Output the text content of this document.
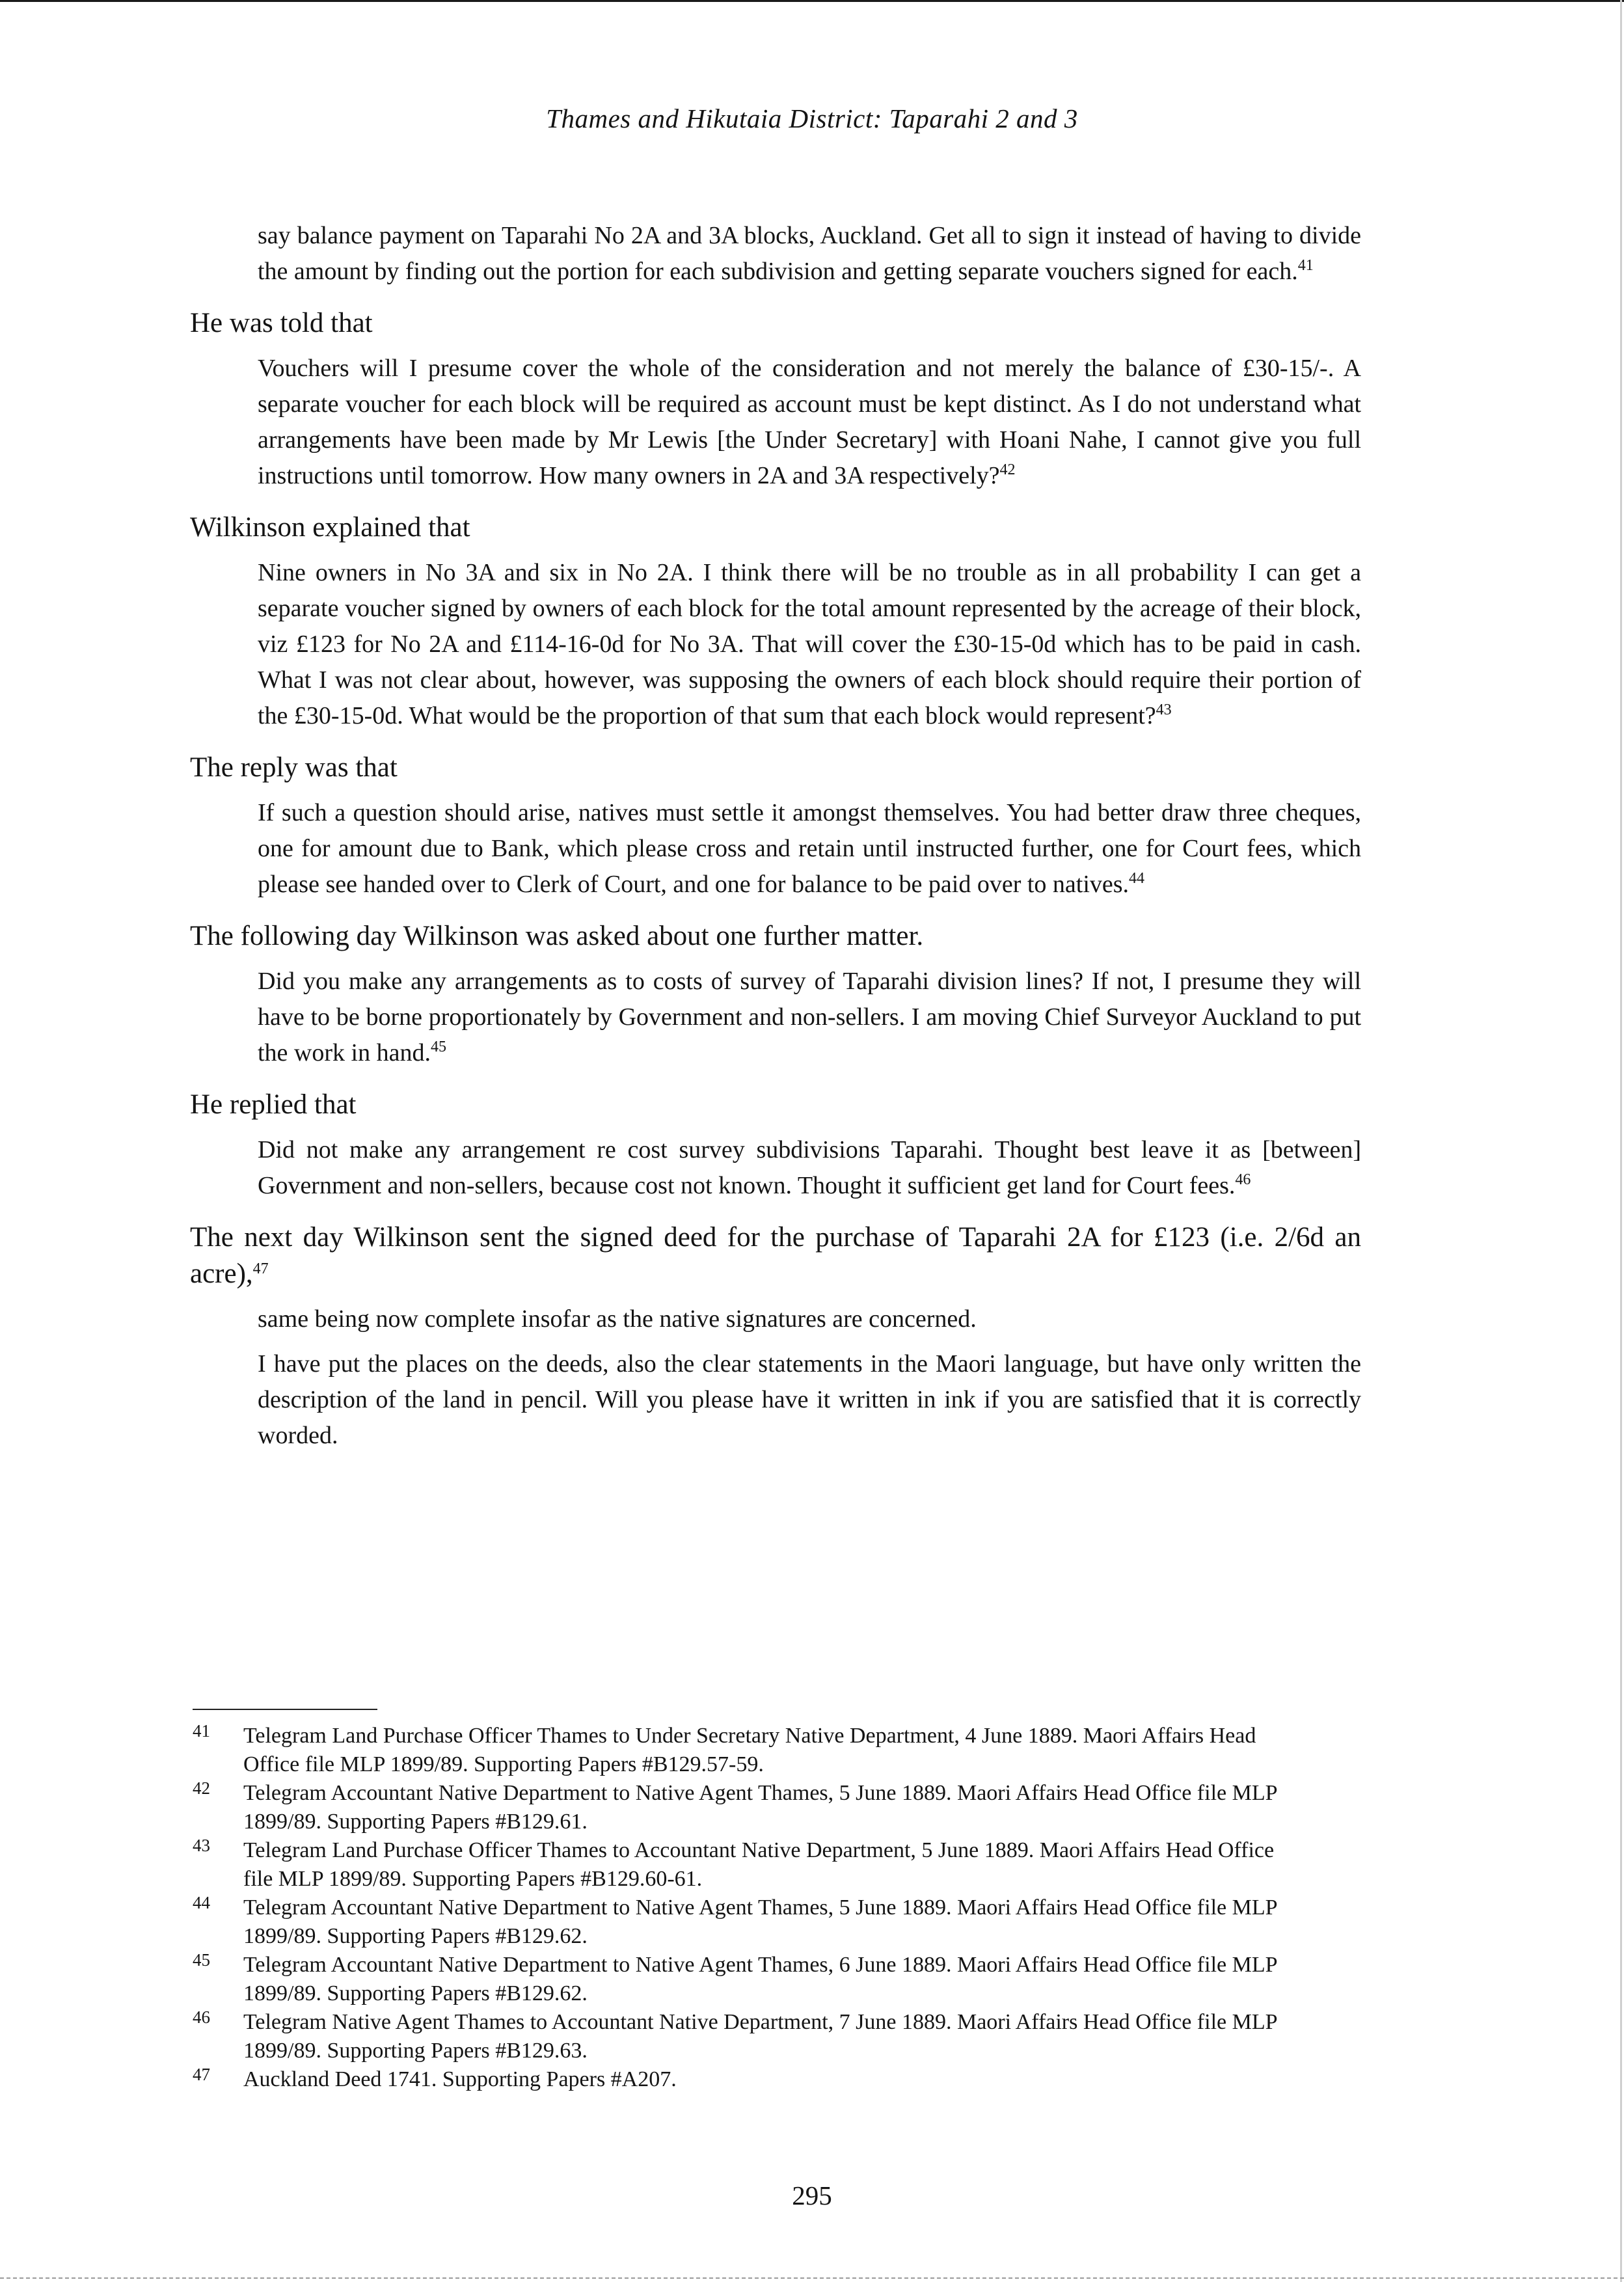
Thames and Hikutaia District: Taparahi 2 and 3

say balance payment on Taparahi No 2A and 3A blocks, Auckland. Get all to sign it instead of having to divide the amount by finding out the portion for each subdivision and getting separate vouchers signed for each.$^{41}$

He was told that

Vouchers will I presume cover the whole of the consideration and not merely the balance of £30-15/-. A separate voucher for each block will be required as account must be kept distinct. As I do not understand what arrangements have been made by Mr Lewis [the Under Secretary] with Hoani Nahe, I cannot give you full instructions until tomorrow. How many owners in 2A and 3A respectively?$^{42}$

Wilkinson explained that

Nine owners in No 3A and six in No 2A. I think there will be no trouble as in all probability I can get a separate voucher signed by owners of each block for the total amount represented by the acreage of their block, viz £123 for No 2A and £114-16-0d for No 3A. That will cover the £30-15-0d which has to be paid in cash. What I was not clear about, however, was supposing the owners of each block should require their portion of the £30-15-0d. What would be the proportion of that sum that each block would represent?$^{43}$

The reply was that

If such a question should arise, natives must settle it amongst themselves. You had better draw three cheques, one for amount due to Bank, which please cross and retain until instructed further, one for Court fees, which please see handed over to Clerk of Court, and one for balance to be paid over to natives.$^{44}$

The following day Wilkinson was asked about one further matter.

Did you make any arrangements as to costs of survey of Taparahi division lines? If not, I presume they will have to be borne proportionately by Government and non-sellers. I am moving Chief Surveyor Auckland to put the work in hand.$^{45}$

He replied that

Did not make any arrangement re cost survey subdivisions Taparahi. Thought best leave it as [between] Government and non-sellers, because cost not known. Thought it sufficient get land for Court fees.$^{46}$

The next day Wilkinson sent the signed deed for the purchase of Taparahi 2A for £123 (i.e. 2/6d an acre),$^{47}$

same being now complete insofar as the native signatures are concerned.

I have put the places on the deeds, also the clear statements in the Maori language, but have only written the description of the land in pencil. Will you please have it written in ink if you are satisfied that it is correctly worded.

41 Telegram Land Purchase Officer Thames to Under Secretary Native Department, 4 June 1889. Maori Affairs Head Office file MLP 1899/89. Supporting Papers #B129.57-59.

42 Telegram Accountant Native Department to Native Agent Thames, 5 June 1889. Maori Affairs Head Office file MLP 1899/89. Supporting Papers #B129.61.

43 Telegram Land Purchase Officer Thames to Accountant Native Department, 5 June 1889. Maori Affairs Head Office file MLP 1899/89. Supporting Papers #B129.60-61.

44 Telegram Accountant Native Department to Native Agent Thames, 5 June 1889. Maori Affairs Head Office file MLP 1899/89. Supporting Papers #B129.62.

45 Telegram Accountant Native Department to Native Agent Thames, 6 June 1889. Maori Affairs Head Office file MLP 1899/89. Supporting Papers #B129.62.

46 Telegram Native Agent Thames to Accountant Native Department, 7 June 1889. Maori Affairs Head Office file MLP 1899/89. Supporting Papers #B129.63.

47 Auckland Deed 1741. Supporting Papers #A207.

295
